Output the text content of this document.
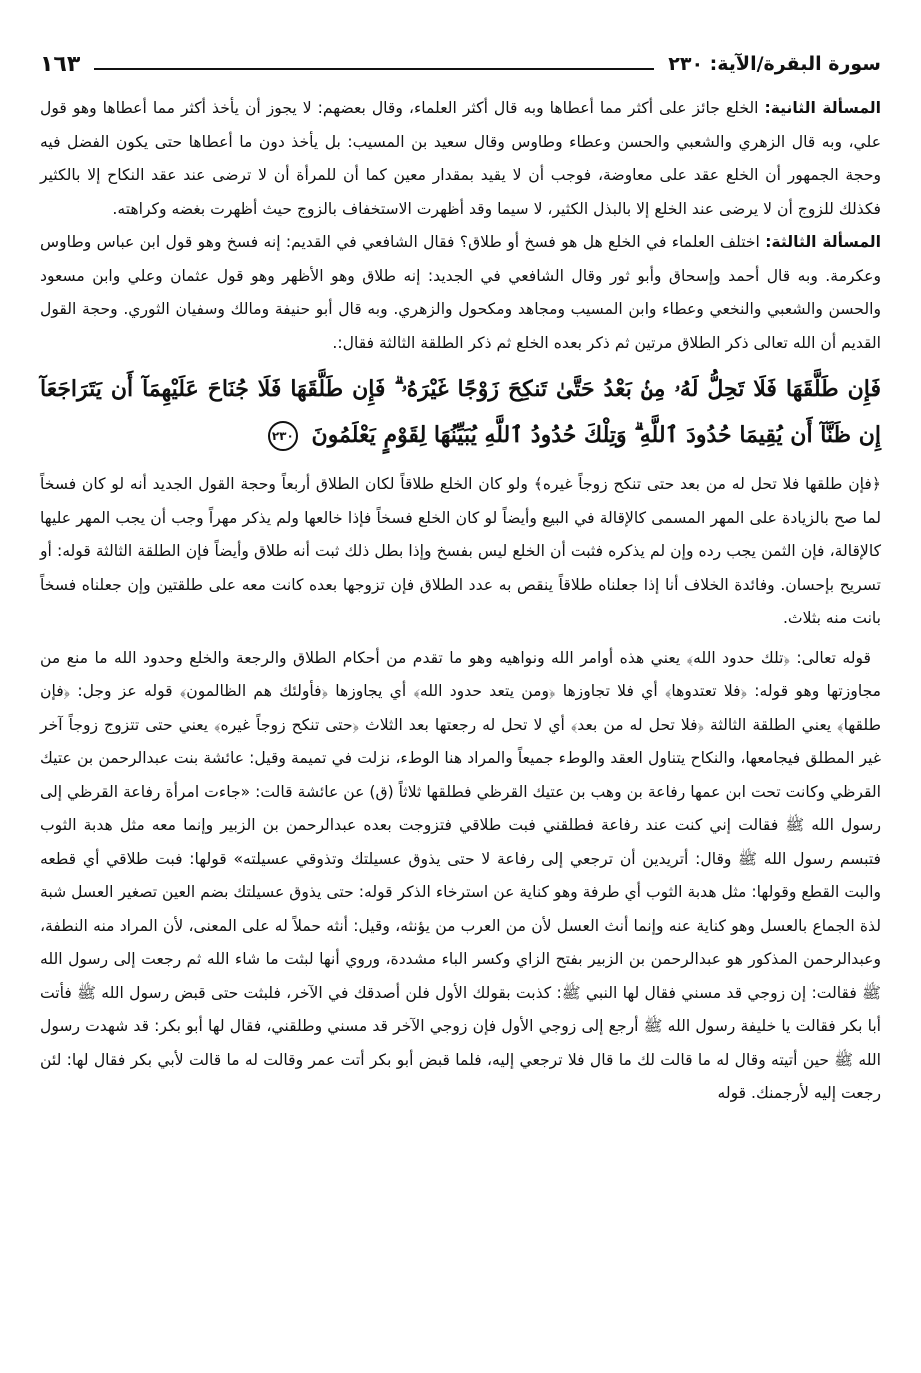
سورة البقرة/الآية: ٢٣٠
١٦٣

المسألة الثانية: الخلع جائز على أكثر مما أعطاها وبه قال أكثر العلماء، وقال بعضهم: لا يجوز أن يأخذ أكثر مما أعطاها وهو قول علي، وبه قال الزهري والشعبي والحسن وعطاء وطاوس وقال سعيد بن المسيب: بل يأخذ دون ما أعطاها حتى يكون الفضل فيه وحجة الجمهور أن الخلع عقد على معاوضة، فوجب أن لا يقيد بمقدار معين كما أن للمرأة أن لا ترضى عند عقد النكاح إلا بالكثير فكذلك للزوج أن لا يرضى عند الخلع إلا بالبذل الكثير، لا سيما وقد أظهرت الاستخفاف بالزوج حيث أظهرت بغضه وكراهته.

المسألة الثالثة: اختلف العلماء في الخلع هل هو فسخ أو طلاق؟ فقال الشافعي في القديم: إنه فسخ وهو قول ابن عباس وطاوس وعكرمة. وبه قال أحمد وإسحاق وأبو ثور وقال الشافعي في الجديد: إنه طلاق وهو الأظهر وهو قول عثمان وعلي وابن مسعود والحسن والشعبي والنخعي وعطاء وابن المسيب ومجاهد ومكحول والزهري. وبه قال أبو حنيفة ومالك وسفيان الثوري. وحجة القول القديم أن الله تعالى ذكر الطلاق مرتين ثم ذكر بعده الخلع ثم ذكر الطلقة الثالثة فقال:.

فَإِن طَلَّقَهَا فَلَا تَحِلُّ لَهُۥ مِنۢ بَعْدُ حَتَّىٰ تَنكِحَ زَوْجًا غَيْرَهُۥ ۗ فَإِن طَلَّقَهَا فَلَا جُنَاحَ عَلَيْهِمَآ أَن يَتَرَاجَعَآ إِن ظَنَّآ أَن يُقِيمَا حُدُودَ ٱللَّهِ ۗ وَتِلْكَ حُدُودُ ٱللَّهِ يُبَيِّنُهَا لِقَوْمٍ يَعْلَمُونَ ٢٣٠

﴿فإن طلقها فلا تحل له من بعد حتى تنكح زوجاً غيره﴾ ولو كان الخلع طلاقاً لكان الطلاق أربعاً وحجة القول الجديد أنه لو كان فسخاً لما صح بالزيادة على المهر المسمى كالإقالة في البيع وأيضاً لو كان الخلع فسخاً فإذا خالعها ولم يذكر مهراً وجب أن يجب المهر عليها كالإقالة، فإن الثمن يجب رده وإن لم يذكره فثبت أن الخلع ليس بفسخ وإذا بطل ذلك ثبت أنه طلاق وأيضاً فإن الطلقة الثالثة قوله: أو تسريح بإحسان. وفائدة الخلاف أنا إذا جعلناه طلاقاً ينقص به عدد الطلاق فإن تزوجها بعده كانت معه على طلقتين وإن جعلناه فسخاً بانت منه بثلاث.

قوله تعالى: ﴿تلك حدود الله﴾ يعني هذه أوامر الله ونواهيه وهو ما تقدم من أحكام الطلاق والرجعة والخلع وحدود الله ما منع من مجاوزتها وهو قوله: ﴿فلا تعتدوها﴾ أي فلا تجاوزها ﴿ومن يتعد حدود الله﴾ أي يجاوزها ﴿فأولئك هم الظالمون﴾ قوله عز وجل: ﴿فإن طلقها﴾ يعني الطلقة الثالثة ﴿فلا تحل له من بعد﴾ أي لا تحل له رجعتها بعد الثلاث ﴿حتى تنكح زوجاً غيره﴾ يعني حتى تتزوج زوجاً آخر غير المطلق فيجامعها، والنكاح يتناول العقد والوطء جميعاً والمراد هنا الوطء، نزلت في تميمة وقيل: عائشة بنت عبدالرحمن بن عتيك القرظي وكانت تحت ابن عمها رفاعة بن وهب بن عتيك القرظي فطلقها ثلاثاً (ق) عن عائشة قالت: «جاءت امرأة رفاعة القرظي إلى رسول الله ﷺ فقالت إني كنت عند رفاعة فطلقني فبت طلاقي فتزوجت بعده عبدالرحمن بن الزبير وإنما معه مثل هدبة الثوب فتبسم رسول الله ﷺ وقال: أتريدين أن ترجعي إلى رفاعة لا حتى يذوق عسيلتك وتذوقي عسيلته» قولها: فبت طلاقي أي قطعه والبت القطع وقولها: مثل هدبة الثوب أي طرفة وهو كناية عن استرخاء الذكر قوله: حتى يذوق عسيلتك بضم العين تصغير العسل شبة لذة الجماع بالعسل وهو كناية عنه وإنما أنث العسل لأن من العرب من يؤنثه، وقيل: أنثه حملاً له على المعنى، لأن المراد منه النطفة، وعبدالرحمن المذكور هو عبدالرحمن بن الزبير بفتح الزاي وكسر الباء مشددة، وروي أنها لبثت ما شاء الله ثم رجعت إلى رسول الله ﷺ فقالت: إن زوجي قد مسني فقال لها النبي ﷺ: كذبت بقولك الأول فلن أصدقك في الآخر، فلبثت حتى قبض رسول الله ﷺ فأتت أبا بكر فقالت يا خليفة رسول الله ﷺ أرجع إلى زوجي الأول فإن زوجي الآخر قد مسني وطلقني، فقال لها أبو بكر: قد شهدت رسول الله ﷺ حين أتيته وقال له ما قالت لك ما قال فلا ترجعي إليه، فلما قبض أبو بكر أتت عمر وقالت له ما قالت لأبي بكر فقال لها: لئن رجعت إليه لأرجمنك. قوله
